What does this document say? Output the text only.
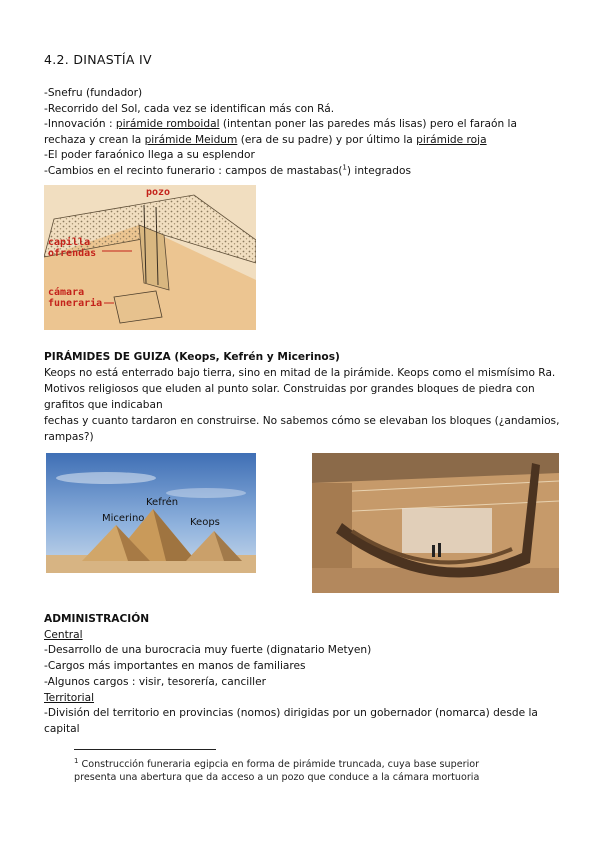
4.2. DINASTÍA IV
-Snefru (fundador)
-Recorrido del Sol, cada vez se identifican más con Rá.
-Innovación : pirámide romboidal (intentan poner las paredes más lisas) pero el faraón la
rechaza y crean la pirámide Meidum (era de su padre) y por último la pirámide roja
-El poder faraónico llega a su esplendor
-Cambios en el recinto funerario : campos de mastabas($^1$) integrados
pozo
capilla
ofrendas
cámara
funeraria
PIRÁMIDES DE GUIZA (Keops, Kefrén y Micerinos)
Keops no está enterrado bajo tierra, sino en mitad de la pirámide. Keops como el mismísimo Ra. Motivos religiosos que eluden al punto solar. Construidas por grandes bloques de piedra con grafitos que indicaban
fechas y cuanto tardaron en construirse. No sabemos cómo se elevaban los bloques (¿andamios, rampas?)
Kefrén
Micerino	Keops
ADMINISTRACIÓN
Central
-Desarrollo de una burocracia muy fuerte (dignatario Metyen)
-Cargos más importantes en manos de familiares
-Algunos cargos : visir, tesorería, canciller
Territorial
-División del territorio en provincias (nomos) dirigidas por un gobernador (nomarca) desde la
capital
$^1$ Construcción funeraria egipcia en forma de pirámide truncada, cuya base superior
presenta una abertura que da acceso a un pozo que conduce a la cámara mortuoria
